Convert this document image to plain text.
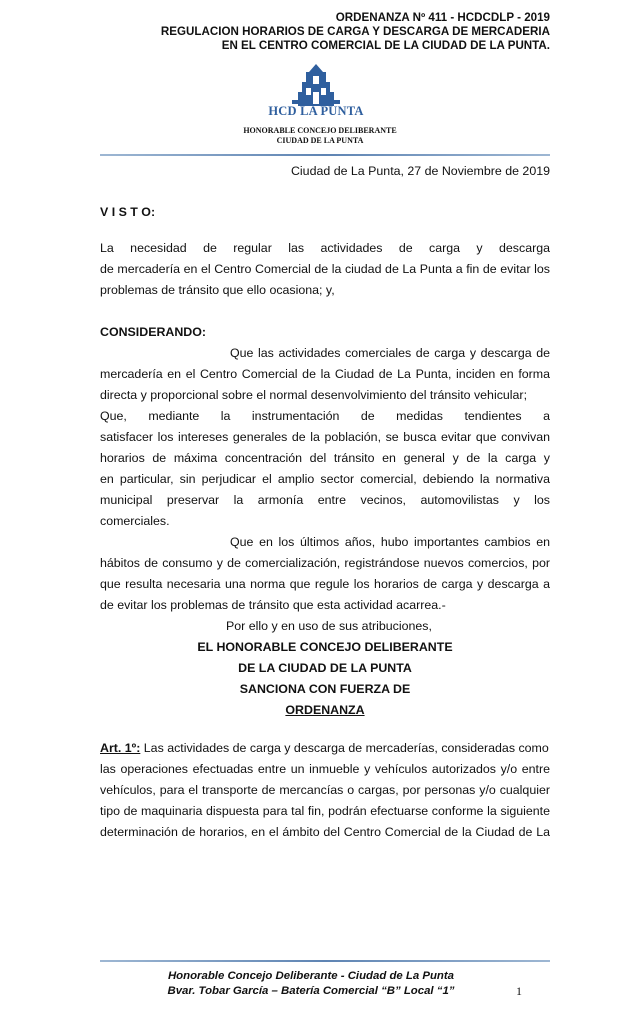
ORDENANZA Nº 411 - HCDCDLP - 2019
REGULACION HORARIOS DE CARGA Y DESCARGA DE MERCADERIA
EN EL CENTRO COMERCIAL DE LA CIUDAD DE LA PUNTA.
HCD LA PUNTA
HONORABLE CONCEJO DELIBERANTE
CIUDAD DE LA PUNTA
Ciudad de La Punta, 27 de Noviembre de 2019
V I S T O:
La necesidad de regular las actividades de carga y descarga
de mercadería en el Centro Comercial de la ciudad de La Punta a fin de evitar los
problemas de tránsito que ello ocasiona; y,
CONSIDERANDO:
Que las actividades comerciales de carga y descarga de
mercadería en el Centro Comercial de la Ciudad de La Punta, inciden en forma
directa y proporcional sobre el normal desenvolvimiento del tránsito vehicular;
Que, mediante la instrumentación de medidas tendientes a
satisfacer los intereses generales de la población, se busca evitar que convivan
horarios de máxima concentración del tránsito en general y de la carga y
en particular, sin perjudicar el amplio sector comercial, debiendo la normativa
municipal preservar la armonía entre vecinos, automovilistas y los
comerciales.
Que en los últimos años, hubo importantes cambios en
hábitos de consumo y de comercialización, registrándose nuevos comercios, por
que resulta necesaria una norma que regule los horarios de carga y descarga a
de evitar los problemas de tránsito que esta actividad acarrea.-
Por ello y en uso de sus atribuciones,
EL HONORABLE CONCEJO DELIBERANTE
DE LA CIUDAD DE LA PUNTA
SANCIONA CON FUERZA DE
ORDENANZA
Art. 1º: Las actividades de carga y descarga de mercaderías, consideradas como
las operaciones efectuadas entre un inmueble y vehículos autorizados y/o entre
vehículos, para el transporte de mercancías o cargas, por personas y/o cualquier
tipo de maquinaria dispuesta para tal fin, podrán efectuarse conforme la siguiente
determinación de horarios, en el ámbito del Centro Comercial de la Ciudad de La
Honorable Concejo Deliberante - Ciudad de La Punta
Bvar. Tobar García – Batería Comercial “B” Local “1”	1
